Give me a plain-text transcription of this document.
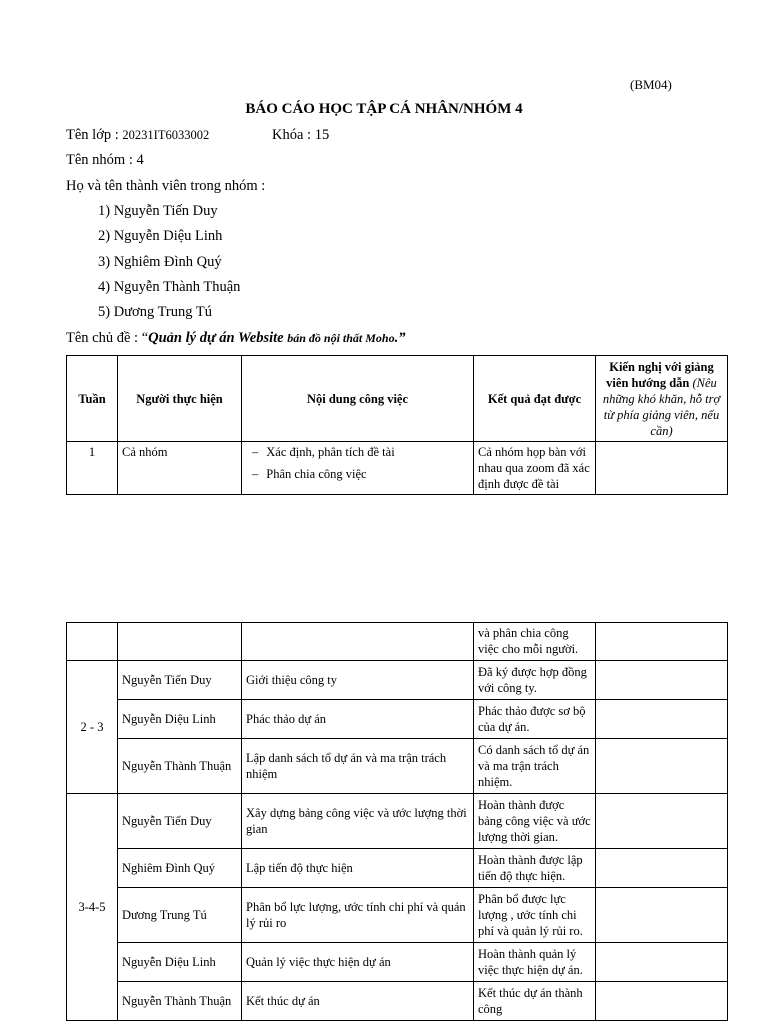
(BM04)
BÁO CÁO HỌC TẬP CÁ NHÂN/NHÓM 4
Tên lớp : 20231IT6033002	Khóa : 15
Tên nhóm : 4
Họ và tên thành viên trong nhóm :
1) Nguyễn Tiến Duy
2) Nguyễn Diệu Linh
3) Nghiêm Đình Quý
4) Nguyễn Thành Thuận
5) Dương Trung Tú
Tên chủ đề : “Quản lý dự án Website bán đồ nội thất Moho.”
Tuần	Người thực hiện	Nội dung công việc	Kết quả đạt được	Kiến nghị với giảng viên hướng dẫn (Nêu những khó khăn, hỗ trợ từ phía giảng viên, nếu cần)
1	Cả nhóm	– Xác định, phân tích đề tài
– Phân chia công việc	Cả nhóm họp bàn với nhau qua zoom đã xác định được đề tài	
			và phân chia công việc cho mỗi người.	
2 - 3	Nguyễn Tiến Duy	Giới thiệu công ty	Đã ký được hợp đồng với công ty.	
	Nguyễn Diệu Linh	Phác thảo dự án	Phác thảo được sơ bộ của dự án.	
	Nguyễn Thành Thuận	Lập danh sách tổ dự án và ma trận trách nhiệm	Có danh sách tổ dự án và ma trận trách nhiệm.	
3-4-5	Nguyễn Tiến Duy	Xây dựng bảng công việc và ước lượng thời gian	Hoàn thành được bảng công việc và ước lượng thời gian.	
	Nghiêm Đình Quý	Lập tiến độ thực hiện	Hoàn thành được lập tiến độ thực hiện.	
	Dương Trung Tú	Phân bổ lực lượng, ước tính chi phí và quản lý rủi ro	Phân bổ được lực lượng , ước tính chi phí và quản lý rủi ro.	
	Nguyễn Diệu Linh	Quản lý việc thực hiện dự án	Hoàn thành quản lý việc thực hiện dự án.	
	Nguyễn Thành Thuận	Kết thúc dự án	Kết thúc dự án thành công	
